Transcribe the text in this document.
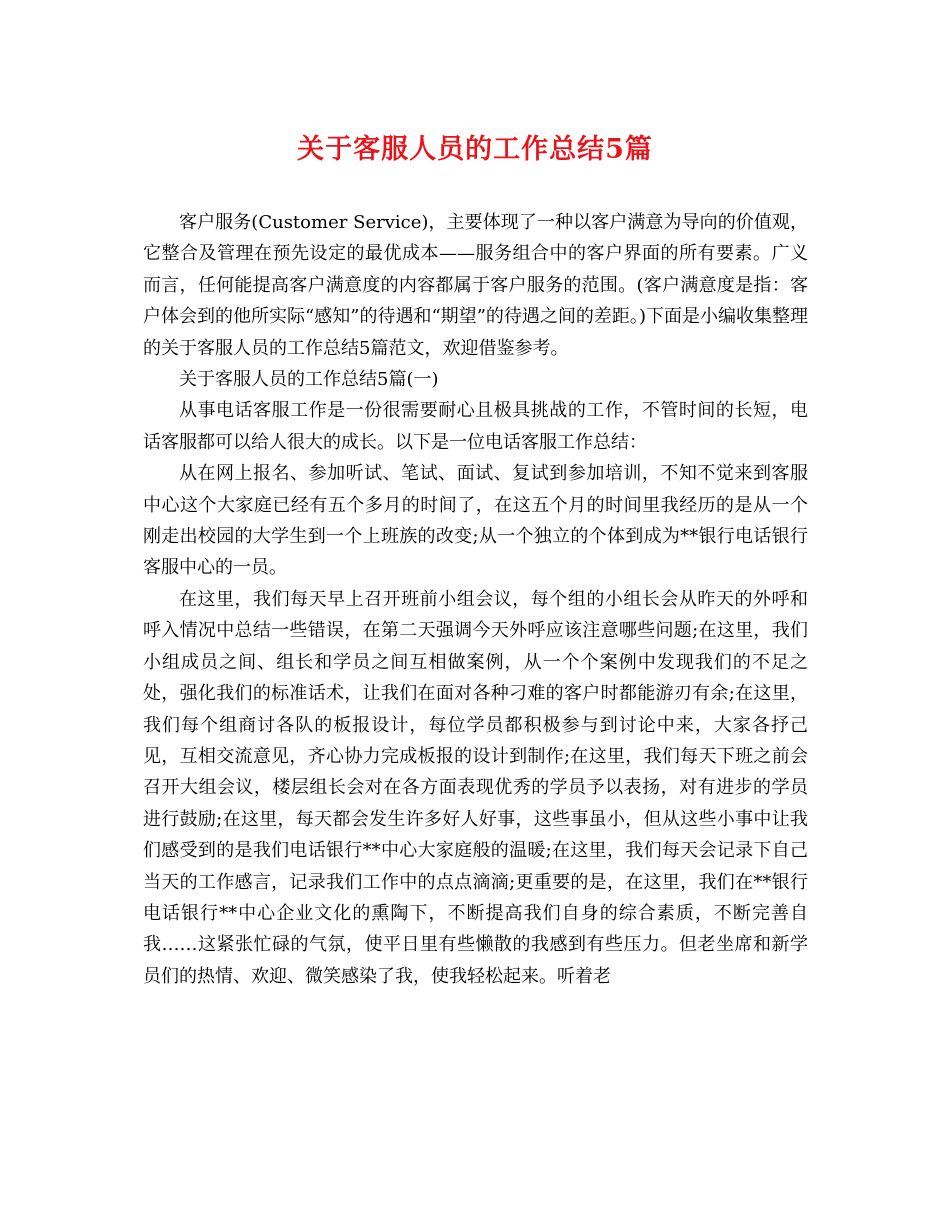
关于客服人员的工作总结5篇

客户服务(Customer Service)，主要体现了一种以客户满意为导向的价值观，它整合及管理在预先设定的最优成本——服务组合中的客户界面的所有要素。广义而言，任何能提高客户满意度的内容都属于客户服务的范围。(客户满意度是指：客户体会到的他所实际“感知”的待遇和“期望”的待遇之间的差距。)下面是小编收集整理的关于客服人员的工作总结5篇范文，欢迎借鉴参考。

关于客服人员的工作总结5篇(一)

从事电话客服工作是一份很需要耐心且极具挑战的工作，不管时间的长短，电话客服都可以给人很大的成长。以下是一位电话客服工作总结：

从在网上报名、参加听试、笔试、面试、复试到参加培训，不知不觉来到客服中心这个大家庭已经有五个多月的时间了，在这五个月的时间里我经历的是从一个刚走出校园的大学生到一个上班族的改变;从一个独立的个体到成为**银行电话银行客服中心的一员。

在这里，我们每天早上召开班前小组会议，每个组的小组长会从昨天的外呼和呼入情况中总结一些错误，在第二天强调今天外呼应该注意哪些问题;在这里，我们小组成员之间、组长和学员之间互相做案例，从一个个案例中发现我们的不足之处，强化我们的标准话术，让我们在面对各种刁难的客户时都能游刃有余;在这里，我们每个组商讨各队的板报设计，每位学员都积极参与到讨论中来，大家各抒己见，互相交流意见，齐心协力完成板报的设计到制作;在这里，我们每天下班之前会召开大组会议，楼层组长会对在各方面表现优秀的学员予以表扬，对有进步的学员进行鼓励;在这里，每天都会发生许多好人好事，这些事虽小，但从这些小事中让我们感受到的是我们电话银行**中心大家庭般的温暖;在这里，我们每天会记录下自己当天的工作感言，记录我们工作中的点点滴滴;更重要的是，在这里，我们在**银行电话银行**中心企业文化的熏陶下，不断提高我们自身的综合素质，不断完善自我……这紧张忙碌的气氛，使平日里有些懒散的我感到有些压力。但老坐席和新学员们的热情、欢迎、微笑感染了我，使我轻松起来。听着老
